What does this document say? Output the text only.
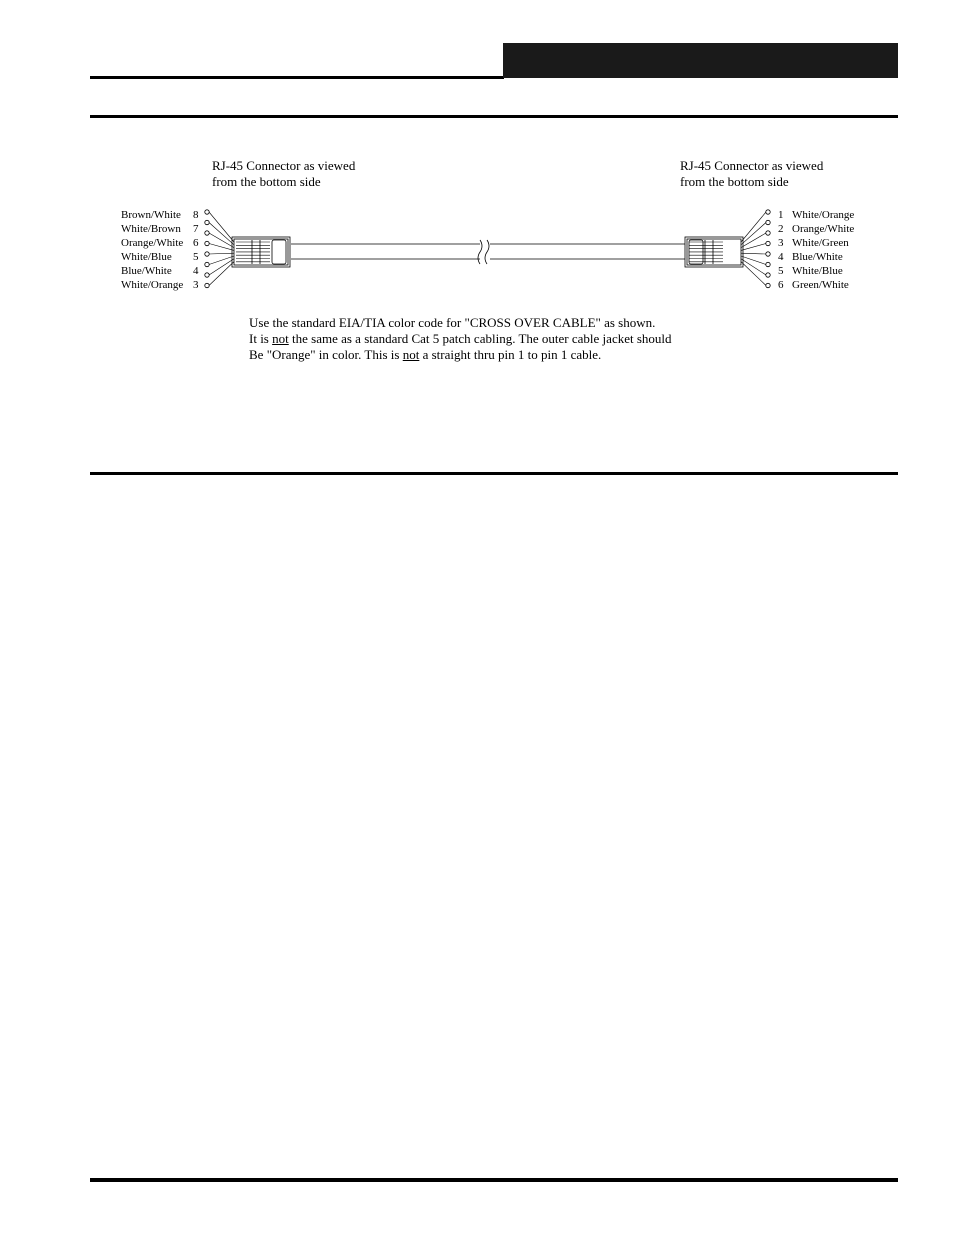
RJ-45 Connector as viewed
from the bottom side
RJ-45 Connector as viewed
from the bottom side
Brown/White 8
White/Brown 7
Orange/White 6
White/Blue 5
Blue/White 4
White/Orange 3
1 White/Orange
2 Orange/White
3 White/Green
4 Blue/White
5 White/Blue
6 Green/White
Use the standard EIA/TIA color code for "CROSS OVER CABLE" as shown.
It is not the same as a standard Cat 5 patch cabling. The outer cable jacket should
Be "Orange" in color. This is not a straight thru pin 1 to pin 1 cable.
